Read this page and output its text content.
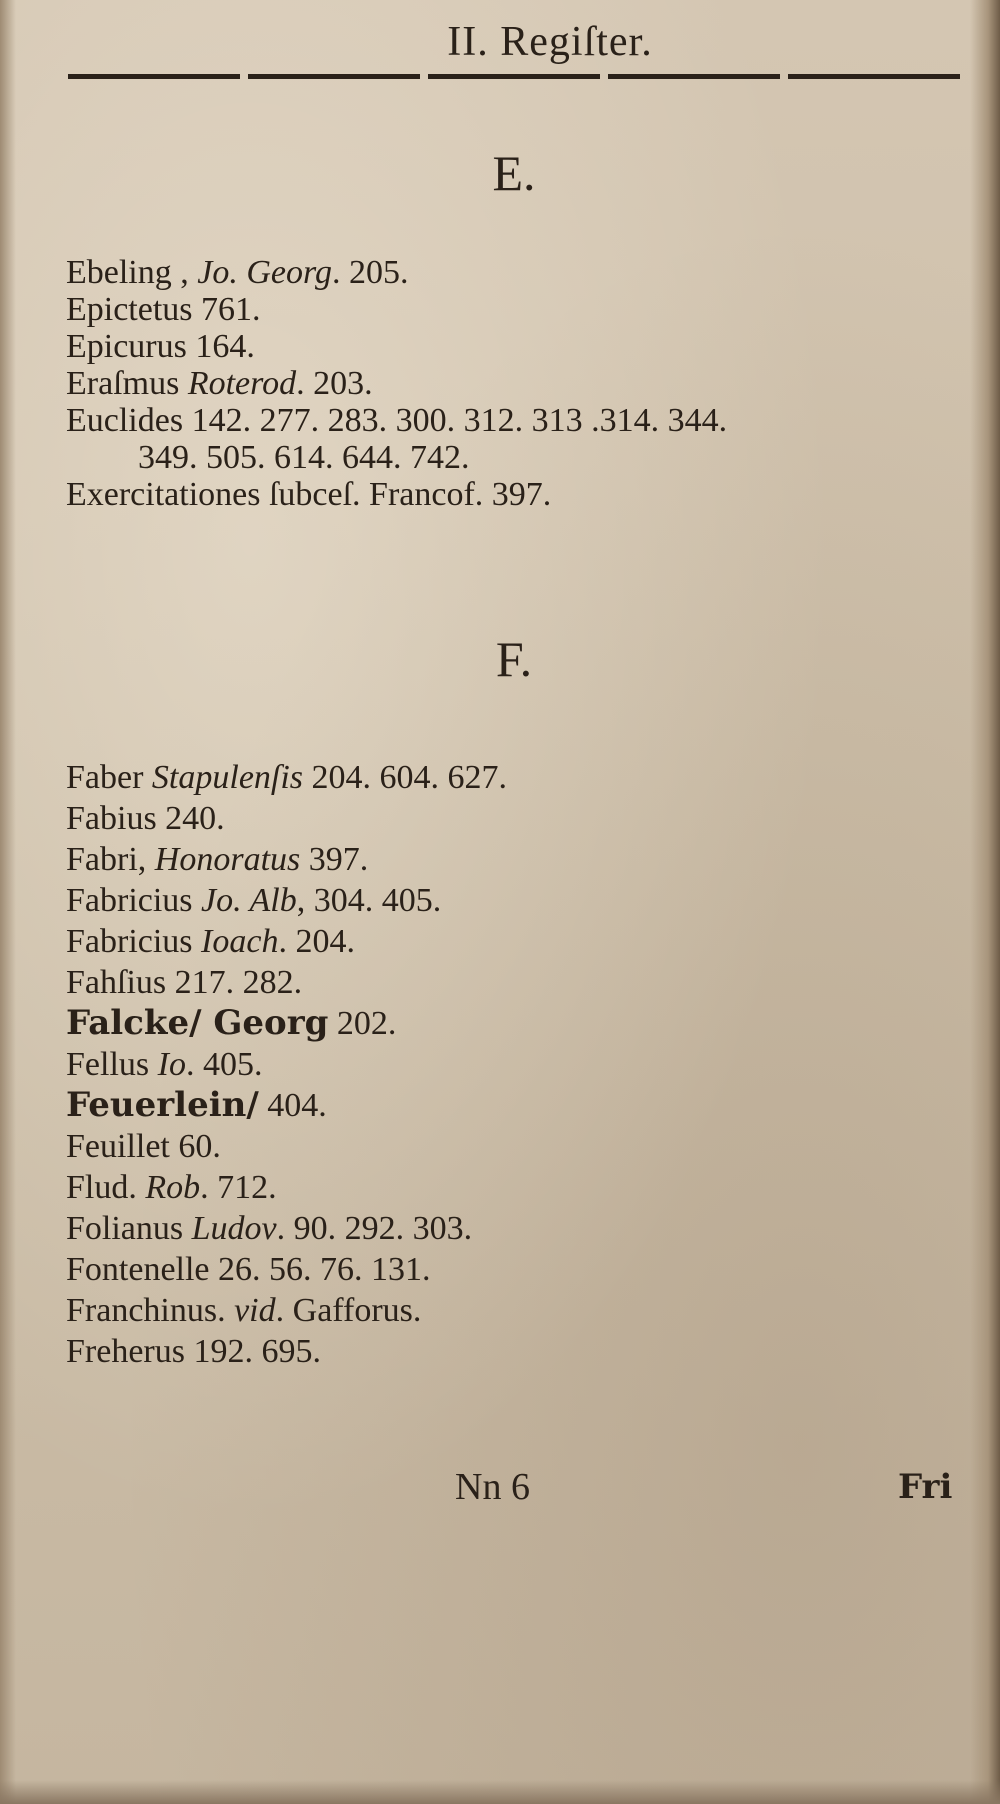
II. Regiſter.
E.
Ebeling , Jo. Georg. 205.
Epictetus 761.
Epicurus 164.
Eraſmus Roterod. 203.
Euclides 142. 277. 283. 300. 312. 313 .314. 344.
349. 505. 614. 644. 742.
Exercitationes ſubceſ. Francof. 397.
F.
Faber Stapulenſis 204. 604. 627.
Fabius 240.
Fabri, Honoratus 397.
Fabricius Jo. Alb, 304. 405.
Fabricius Ioach. 204.
Fahſius 217. 282.
Falcke/ Georg 202.
Fellus Io. 405.
Feuerlein/ 404.
Feuillet 60.
Flud. Rob. 712.
Folianus Ludov. 90. 292. 303.
Fontenelle 26. 56. 76. 131.
Franchinus. vid. Gafforus.
Freherus 192. 695.
Nn 6	Fri
